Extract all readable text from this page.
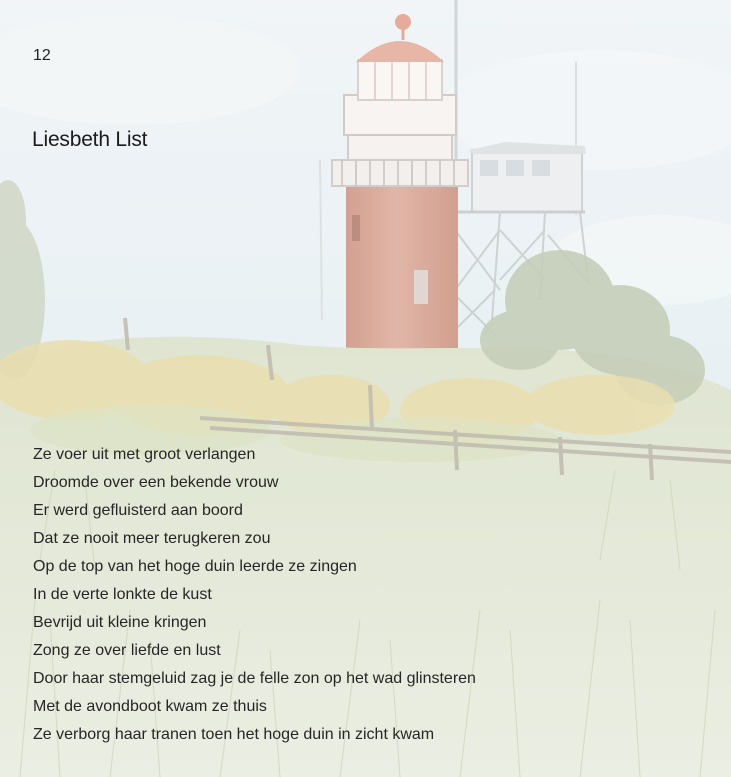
12
Liesbeth List
Ze voer uit met groot verlangen
Droomde over een bekende vrouw
Er werd gefluisterd aan boord
Dat ze nooit meer terugkeren zou
Op de top van het hoge duin leerde ze zingen
In de verte lonkte de kust
Bevrijd uit kleine kringen
Zong ze over liefde en lust
Door haar stemgeluid zag je de felle zon op het wad glinsteren
Met de avondboot kwam ze thuis
Ze verborg haar tranen toen het hoge duin in zicht kwam
